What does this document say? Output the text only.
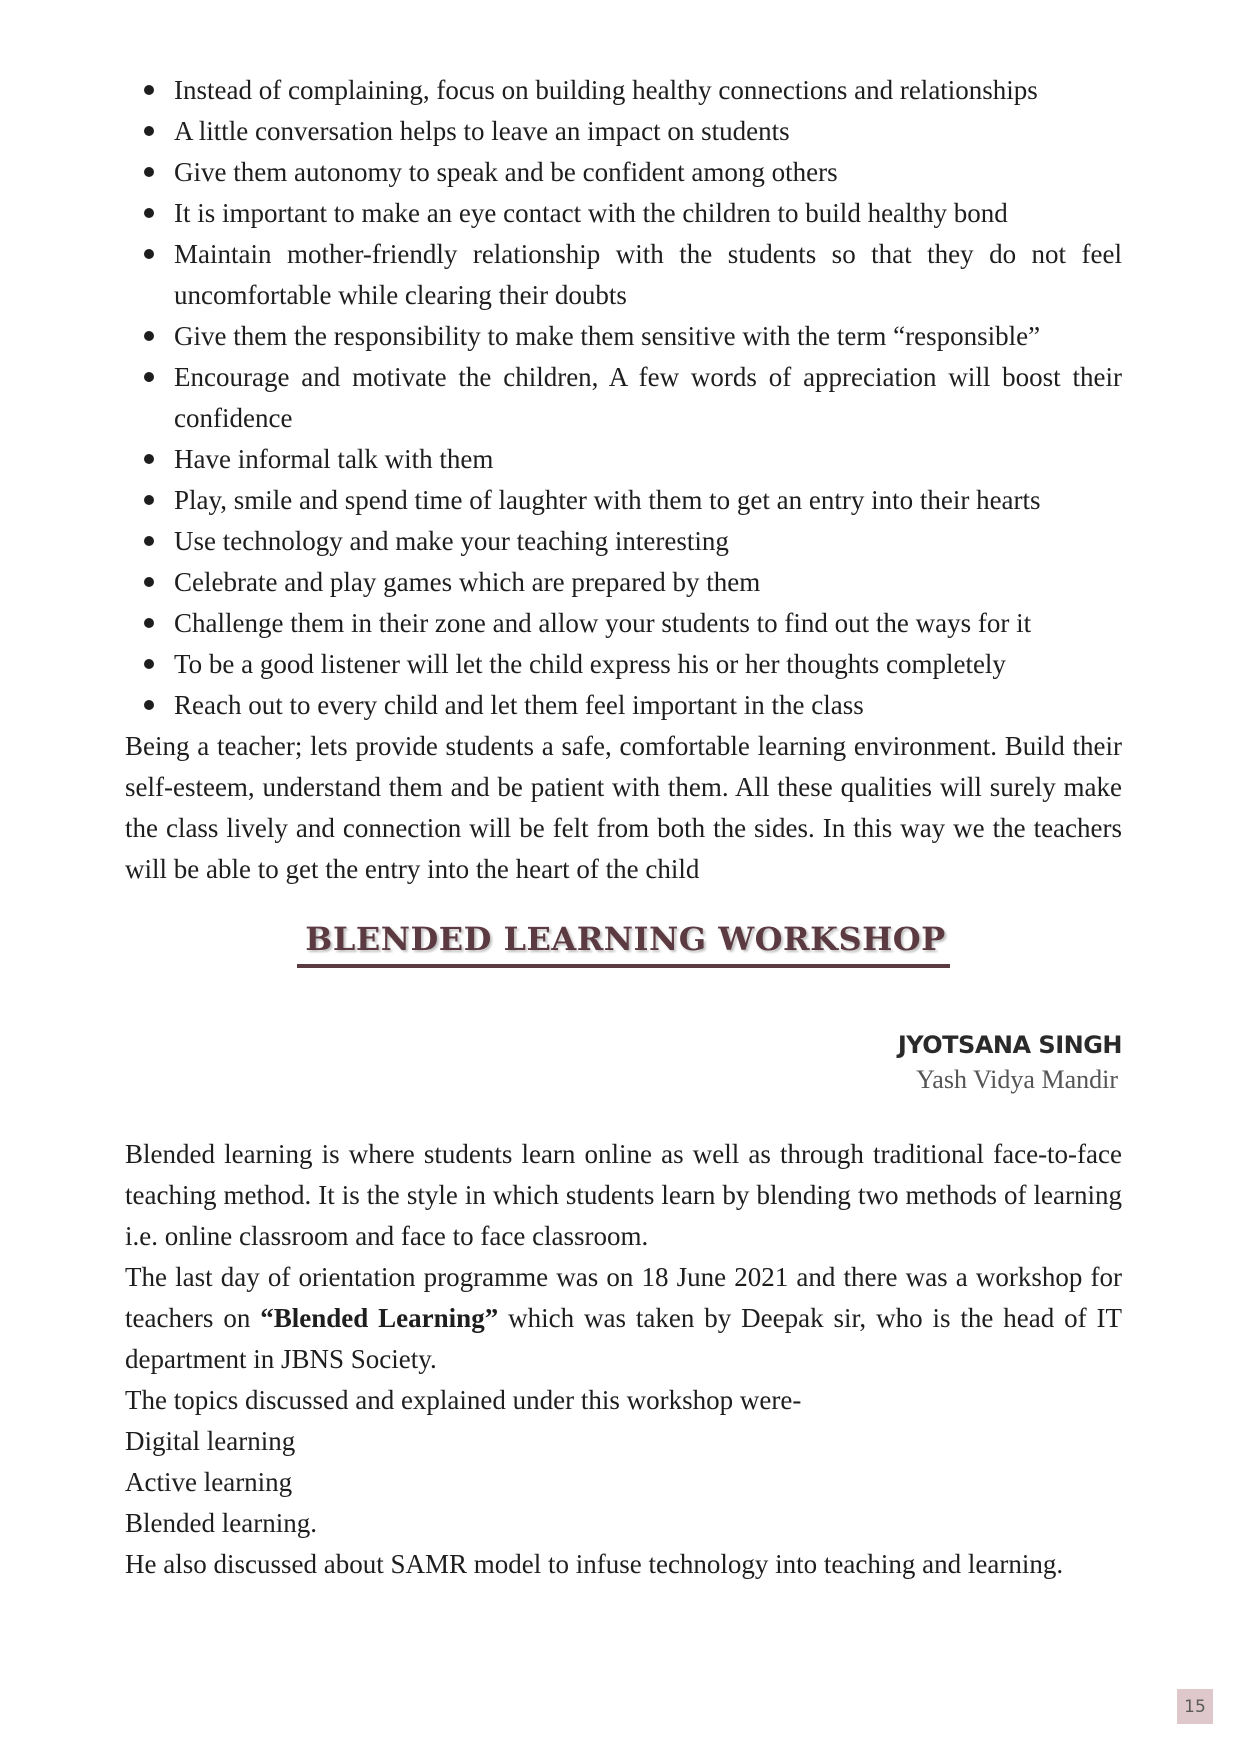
Instead of complaining, focus on building healthy connections and relationships
A little conversation helps to leave an impact on students
Give them autonomy to speak and be confident among others
It is important to make an eye contact with the children to build healthy bond
Maintain mother-friendly relationship with the students so that they do not feel uncomfortable while clearing their doubts
Give them the responsibility to make them sensitive with the term “responsible”
Encourage and motivate the children, A few words of appreciation will boost their confidence
Have informal talk with them
Play, smile and spend time of laughter with them to get an entry into their hearts
Use technology and make your teaching interesting
Celebrate and play games which are prepared by them
Challenge them in their zone and allow your students to find out the ways for it
To be a good listener will let the child express his or her thoughts completely
Reach out to every child and let them feel important in the class

Being a teacher; lets provide students a safe, comfortable learning environment. Build their self-esteem, understand them and be patient with them. All these qualities will surely make the class lively and connection will be felt from both the sides. In this way we the teachers will be able to get the entry into the heart of the child

BLENDED LEARNING WORKSHOP
JYOTSANA SINGH
Yash Vidya Mandir

Blended learning is where students learn online as well as through traditional face-to-face teaching method. It is the style in which students learn by blending two methods of learning i.e. online classroom and face to face classroom.

The last day of orientation programme was on 18 June 2021 and there was a workshop for teachers on “Blended Learning” which was taken by Deepak sir, who is the head of IT department in JBNS Society.

The topics discussed and explained under this workshop were-

Digital learning

Active learning

Blended learning.

He also discussed about SAMR model to infuse technology into teaching and learning.

15
